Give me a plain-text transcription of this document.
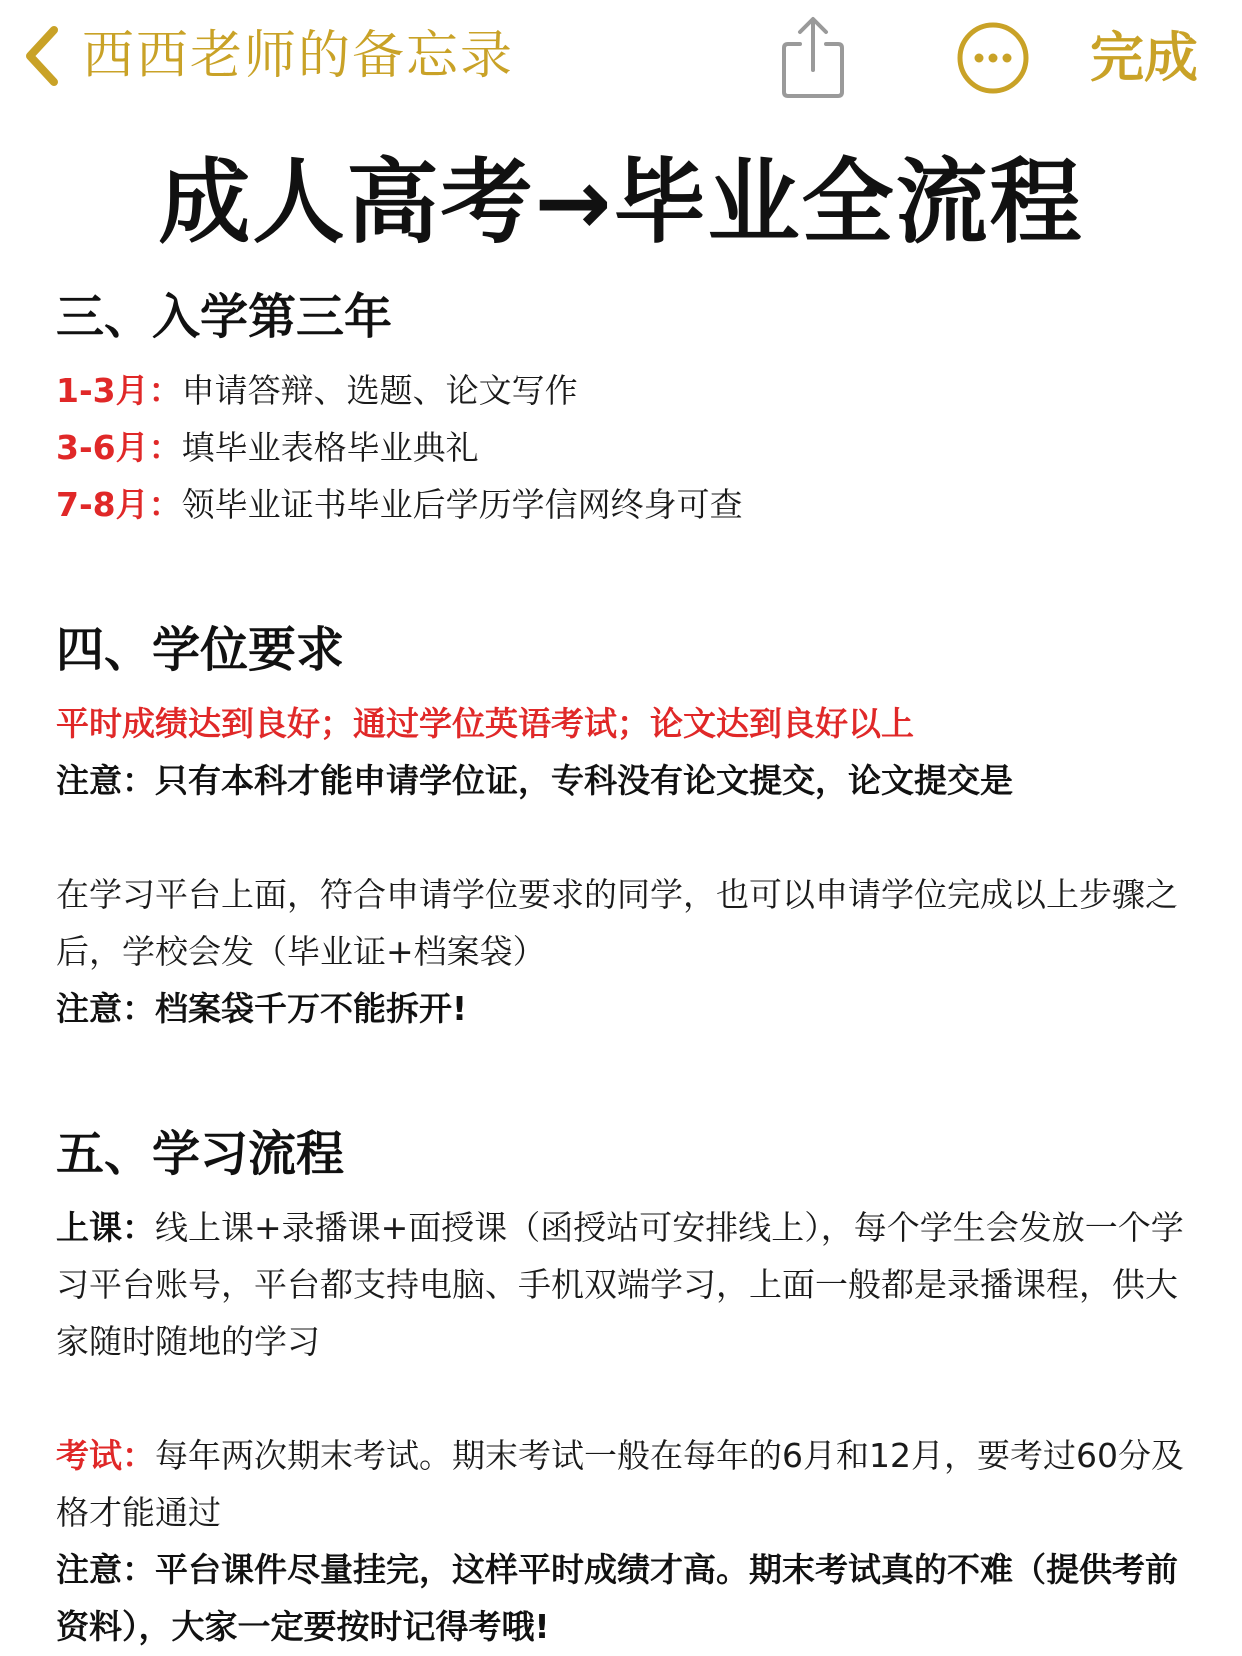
西西老师的备忘录	完成
成人高考→毕业全流程

三、入学第三年

1-3月：申请答辩、选题、论文写作

3-6月：填毕业表格毕业典礼

7-8月：领毕业证书毕业后学历学信网终身可查

四、学位要求

平时成绩达到良好；通过学位英语考试；论文达到良好以上

注意：只有本科才能申请学位证，专科没有论文提交，论文提交是

在学习平台上面，符合申请学位要求的同学，也可以申请学位完成以上步骤之后，学校会发（毕业证+档案袋）

注意：档案袋千万不能拆开!

五、学习流程

上课：线上课+录播课+面授课（函授站可安排线上），每个学生会发放一个学习平台账号，平台都支持电脑、手机双端学习，上面一般都是录播课程，供大家随时随地的学习

考试：每年两次期末考试。期末考试一般在每年的6月和12月，要考过60分及格才能通过

注意：平台课件尽量挂完，这样平时成绩才高。期末考试真的不难（提供考前资料），大家一定要按时记得考哦!
